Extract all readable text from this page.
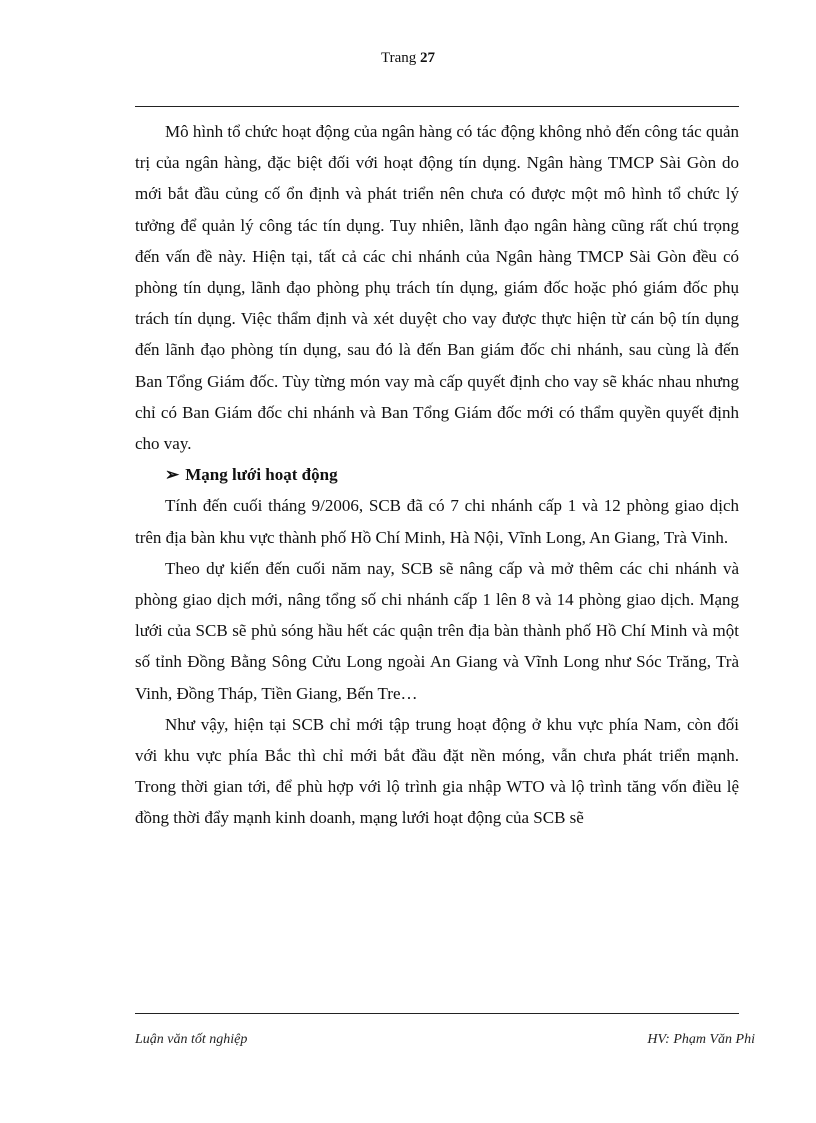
Trang 27

Mô hình tổ chức hoạt động của ngân hàng có tác động không nhỏ đến công tác quản trị của ngân hàng, đặc biệt đối với hoạt động tín dụng. Ngân hàng TMCP Sài Gòn do mới bắt đầu củng cố ổn định và phát triển nên chưa có được một mô hình tổ chức lý tưởng để quản lý công tác tín dụng. Tuy nhiên, lãnh đạo ngân hàng cũng rất chú trọng đến vấn đề này. Hiện tại, tất cả các chi nhánh của Ngân hàng TMCP Sài Gòn đều có phòng tín dụng, lãnh đạo phòng phụ trách tín dụng, giám đốc hoặc phó giám đốc phụ trách tín dụng. Việc thẩm định và xét duyệt cho vay được thực hiện từ cán bộ tín dụng đến lãnh đạo phòng tín dụng, sau đó là đến Ban giám đốc chi nhánh, sau cùng là đến Ban Tổng Giám đốc. Tùy từng món vay mà cấp quyết định cho vay sẽ khác nhau nhưng chỉ có Ban Giám đốc chi nhánh và Ban Tổng Giám đốc mới có thẩm quyền quyết định cho vay.

➢ Mạng lưới hoạt động

Tính đến cuối tháng 9/2006, SCB đã có 7 chi nhánh cấp 1 và 12 phòng giao dịch trên địa bàn khu vực thành phố Hồ Chí Minh, Hà Nội, Vĩnh Long, An Giang, Trà Vinh.

Theo dự kiến đến cuối năm nay, SCB sẽ nâng cấp và mở thêm các chi nhánh và phòng giao dịch mới, nâng tổng số chi nhánh cấp 1 lên 8 và 14 phòng giao dịch. Mạng lưới của SCB sẽ phủ sóng hầu hết các quận trên địa bàn thành phố Hồ Chí Minh và một số tỉnh Đồng Bằng Sông Cửu Long ngoài An Giang và Vĩnh Long như Sóc Trăng, Trà Vinh, Đồng Tháp, Tiền Giang, Bến Tre…

Như vậy, hiện tại SCB chỉ mới tập trung hoạt động ở khu vực phía Nam, còn đối với khu vực phía Bắc thì chỉ mới bắt đầu đặt nền móng, vẫn chưa phát triển mạnh. Trong thời gian tới, để phù hợp với lộ trình gia nhập WTO và lộ trình tăng vốn điều lệ đồng thời đẩy mạnh kinh doanh, mạng lưới hoạt động của SCB sẽ

Luận văn tốt nghiệp	HV: Phạm Văn Phi
